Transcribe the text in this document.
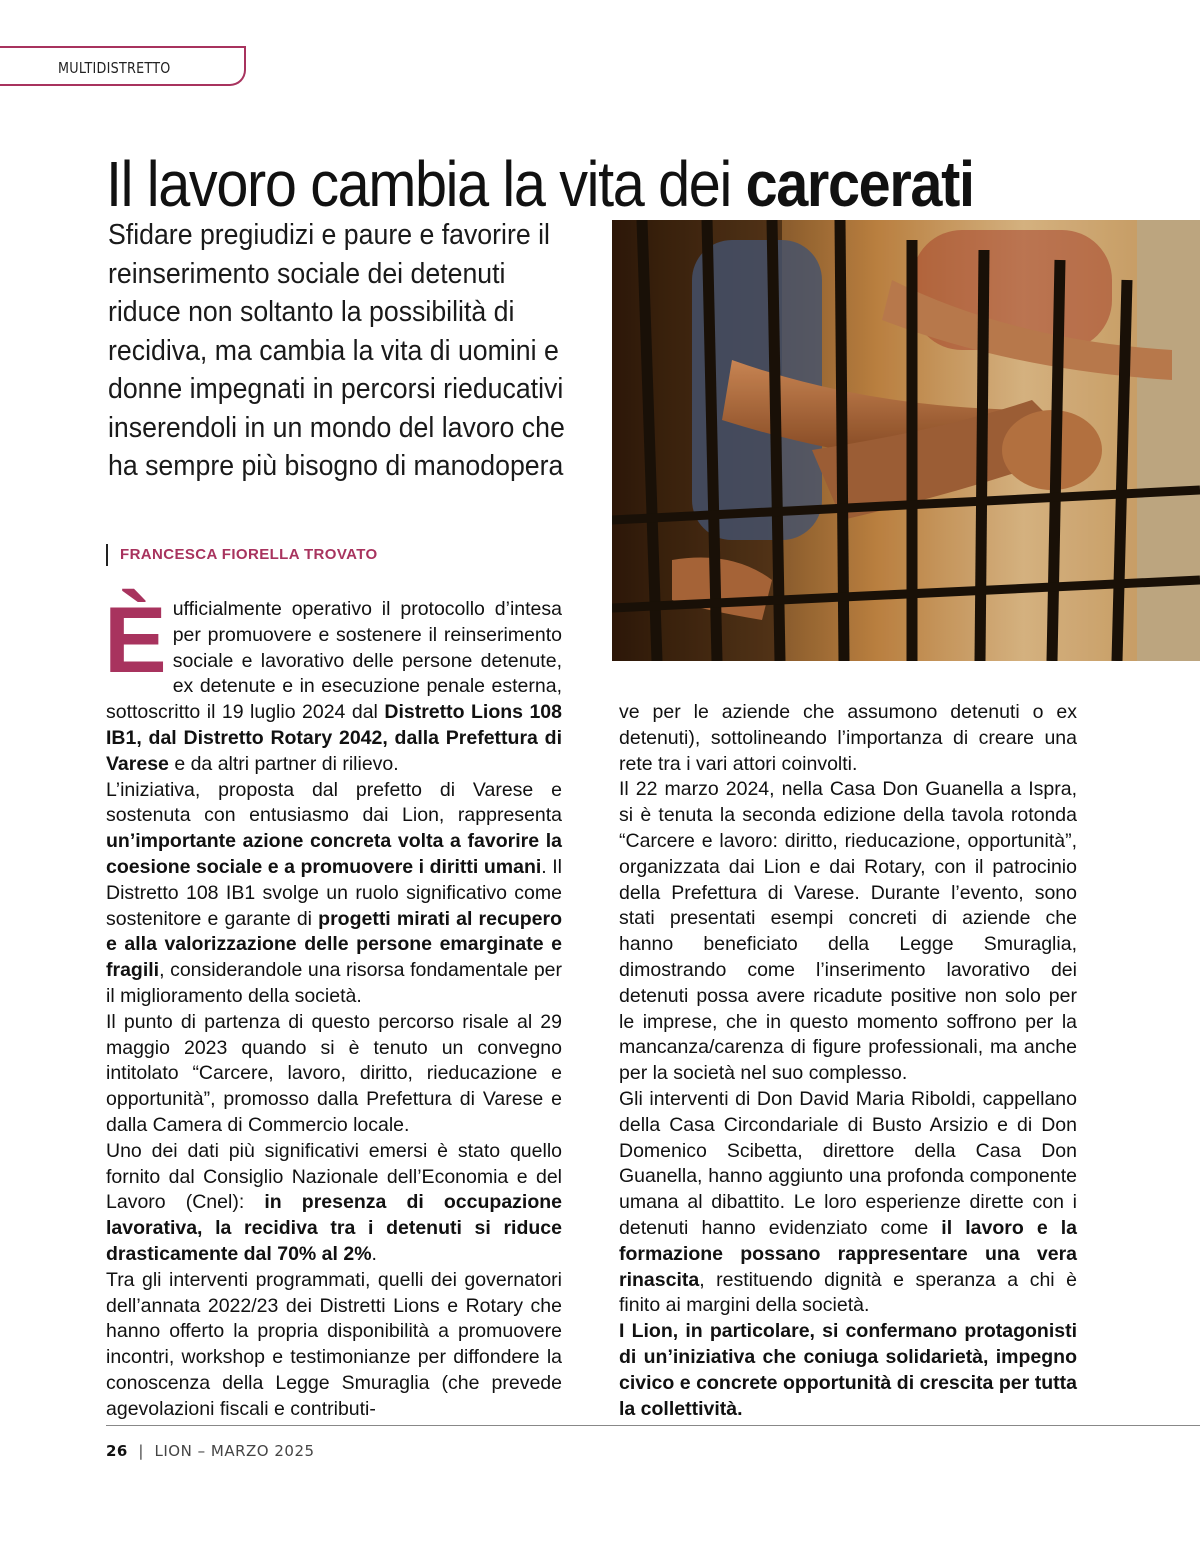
MULTIDISTRETTO
Il lavoro cambia la vita dei carcerati
Sfidare pregiudizi e paure e favorire il reinserimento sociale dei detenuti riduce non soltanto la possibilità di recidiva, ma cambia la vita di uomini e donne impegnati in percorsi rieducativi inserendoli in un mondo del lavoro che ha sempre più bisogno di manodopera
FRANCESCA FIORELLA TROVATO

È ufficialmente operativo il protocollo d’intesa per promuovere e sostenere il reinserimento sociale e lavorativo delle persone detenute, ex detenute e in esecuzione penale esterna, sottoscritto il 19 luglio 2024 dal Distretto Lions 108 IB1, dal Distretto Rotary 2042, dalla Prefettura di Varese e da altri partner di rilievo.

L’iniziativa, proposta dal prefetto di Varese e sostenuta con entusiasmo dai Lion, rappresenta un’importante azione concreta volta a favorire la coesione sociale e a promuovere i diritti umani. Il Distretto 108 IB1 svolge un ruolo significativo come sostenitore e garante di progetti mirati al recupero e alla valorizzazione delle persone emarginate e fragili, considerandole una risorsa fondamentale per il miglioramento della società.

Il punto di partenza di questo percorso risale al 29 maggio 2023 quando si è tenuto un convegno intitolato “Carcere, lavoro, diritto, rieducazione e opportunità”, promosso dalla Prefettura di Varese e dalla Camera di Commercio locale.

Uno dei dati più significativi emersi è stato quello fornito dal Consiglio Nazionale dell’Economia e del Lavoro (Cnel): in presenza di occupazione lavorativa, la recidiva tra i detenuti si riduce drasticamente dal 70% al 2%.

Tra gli interventi programmati, quelli dei governatori dell’annata 2022/23 dei Distretti Lions e Rotary che hanno offerto la propria disponibilità a promuovere incontri, workshop e testimonianze per diffondere la conoscenza della Legge Smuraglia (che prevede agevolazioni fiscali e contributi-

ve per le aziende che assumono detenuti o ex detenuti), sottolineando l’importanza di creare una rete tra i vari attori coinvolti.

Il 22 marzo 2024, nella Casa Don Guanella a Ispra, si è tenuta la seconda edizione della tavola rotonda “Carcere e lavoro: diritto, rieducazione, opportunità”, organizzata dai Lion e dai Rotary, con il patrocinio della Prefettura di Varese. Durante l’evento, sono stati presentati esempi concreti di aziende che hanno beneficiato della Legge Smuraglia, dimostrando come l’inserimento lavorativo dei detenuti possa avere ricadute positive non solo per le imprese, che in questo momento soffrono per la mancanza/carenza di figure professionali, ma anche per la società nel suo complesso.

Gli interventi di Don David Maria Riboldi, cappellano della Casa Circondariale di Busto Arsizio e di Don Domenico Scibetta, direttore della Casa Don Guanella, hanno aggiunto una profonda componente umana al dibattito. Le loro esperienze dirette con i detenuti hanno evidenziato come il lavoro e la formazione possano rappresentare una vera rinascita, restituendo dignità e speranza a chi è finito ai margini della società.

I Lion, in particolare, si confermano protagonisti di un’iniziativa che coniuga solidarietà, impegno civico e concrete opportunità di crescita per tutta la collettività.

26  |  LION – MARZO 2025
